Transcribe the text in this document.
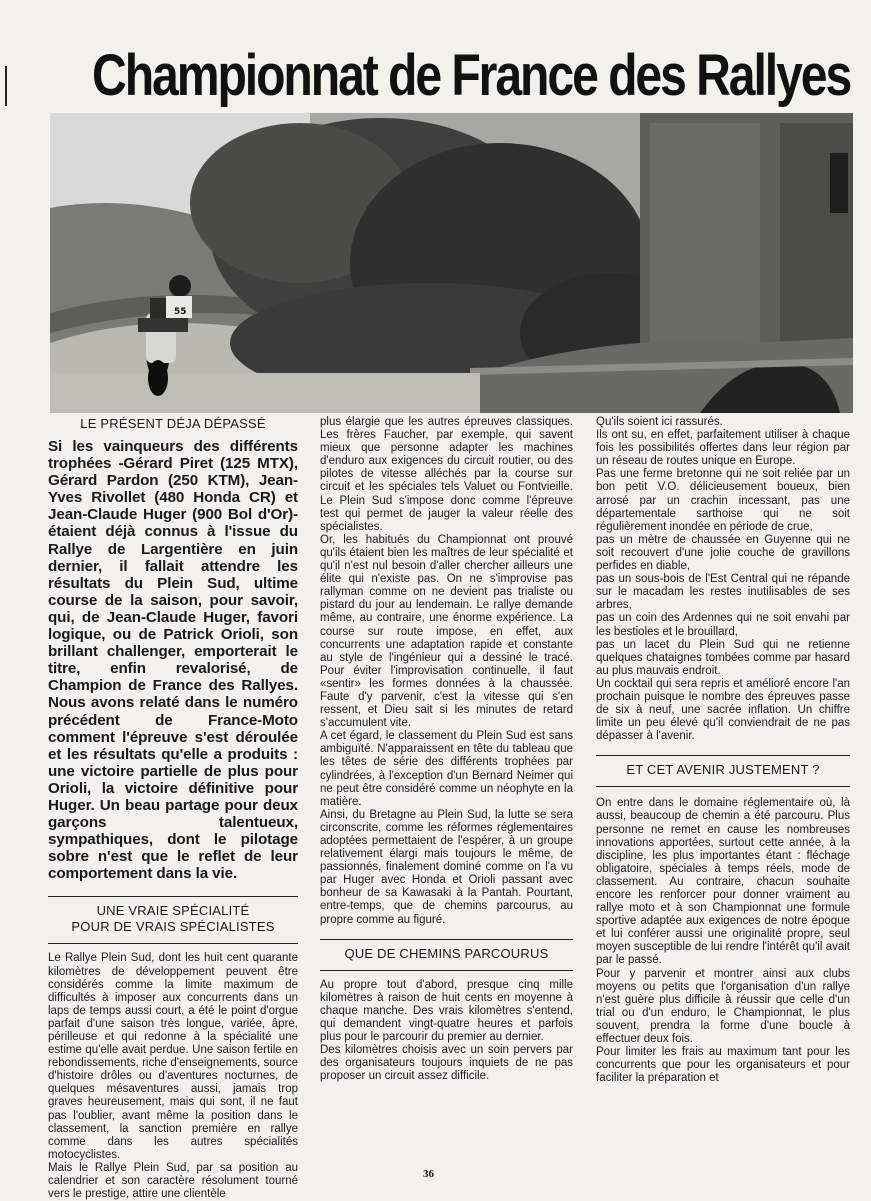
Championnat de France des Rallyes
55

LE PRÉSENT DÉJA DÉPASSÉ

Si les vainqueurs des différents trophées -Gérard Piret (125 MTX), Gérard Pardon (250 KTM), Jean-Yves Rivollet (480 Honda CR) et Jean-Claude Huger (900 Bol d'Or)- étaient déjà connus à l'issue du Rallye de Largentière en juin dernier, il fallait attendre les résultats du Plein Sud, ultime course de la saison, pour savoir, qui, de Jean-Claude Huger, favori logique, ou de Patrick Orioli, son brillant challenger, emporterait le titre, enfin revalorisé, de Champion de France des Rallyes. Nous avons relaté dans le numéro précédent de France-Moto comment l'épreuve s'est déroulée et les résultats qu'elle a produits : une victoire partielle de plus pour Orioli, la victoire définitive pour Huger. Un beau partage pour deux garçons talentueux, sympathiques, dont le pilotage sobre n'est que le reflet de leur comportement dans la vie.

UNE VRAIE SPÉCIALITÉ
POUR DE VRAIS SPÉCIALISTES

Le Rallye Plein Sud, dont les huit cent quarante kilomètres de développement peuvent être considérés comme la limite maximum de difficultés à imposer aux concurrents dans un laps de temps aussi court, a été le point d'orgue parfait d'une saison très longue, variée, âpre, périlleuse et qui redonne à la spécialité une estime qu'elle avait perdue. Une saison fertile en rebondissements, riche d'enseignements, source d'histoire drôles ou d'aventures nocturnes, de quelques mésaventures aussi, jamais trop graves heureusement, mais qui sont, il ne faut pas l'oublier, avant même la position dans le classement, la sanction première en rallye comme dans les autres spécialités motocyclistes.

Mais le Rallye Plein Sud, par sa position au calendrier et son caractère résolument tourné vers le prestige, attire une clientèle

plus élargie que les autres épreuves classiques. Les frères Faucher, par exemple, qui savent mieux que personne adapter les machines d'enduro aux exigences du circuit routier, ou des pilotes de vitesse alléchés par la course sur circuit et les spéciales tels Valuet ou Fontvieille. Le Plein Sud s'impose donc comme l'épreuve test qui permet de jauger la valeur réelle des spécialistes.

Or, les habitués du Championnat ont prouvé qu'ils étaient bien les maîtres de leur spécialité et qu'il n'est nul besoin d'aller chercher ailleurs une élite qui n'existe pas. On ne s'improvise pas rallyman comme on ne devient pas trialiste ou pistard du jour au lendemain. Le rallye demande même, au contraire, une énorme expérience. La course sur route impose, en effet, aux concurrents une adaptation rapide et constante au style de l'ingénieur qui a dessiné le tracé. Pour éviter l'improvisation continuelle, il faut «sentir» les formes données à la chaussée. Faute d'y parvenir, c'est la vitesse qui s'en ressent, et Dieu sait si les minutes de retard s'accumulent vite.

A cet égard, le classement du Plein Sud est sans ambiguïté. N'apparaissent en tête du tableau que les têtes de série des différents trophées par cylindrées, à l'exception d'un Bernard Neimer qui ne peut être considéré comme un néophyte en la matière.

Ainsi, du Bretagne au Plein Sud, la lutte se sera circonscrite, comme les réformes réglementaires adoptées permettaient de l'espérer, à un groupe relativement élargi mais toujours le même, de passionnés, finalement dominé comme on l'a vu par Huger avec Honda et Orioli passant avec bonheur de sa Kawasaki à la Pantah. Pourtant, entre-temps, que de chemins parcourus, au propre comme au figuré.

QUE DE CHEMINS PARCOURUS

Au propre tout d'abord, presque cinq mille kilomètres à raison de huit cents en moyenne à chaque manche. Des vrais kilomètres s'entend, qui demandent vingt-quatre heures et parfois plus pour le parcourir du premier au dernier.

Des kilomètres choisis avec un soin pervers par des organisateurs toujours inquiets de ne pas proposer un circuit assez difficile.

Qu'ils soient ici rassurés.

Ils ont su, en effet, parfaitement utiliser à chaque fois les possibilités offertes dans leur région par un réseau de routes unique en Europe.

Pas une ferme bretonne qui ne soit reliée par un bon petit V.O. délicieusement boueux, bien arrosé par un crachin incessant, pas une départementale sarthoise qui ne soit régulièrement inondée en période de crue,

pas un mètre de chaussée en Guyenne qui ne soit recouvert d'une jolie couche de gravillons perfides en diable,

pas un sous-bois de l'Est Central qui ne répande sur le macadam les restes inutilisables de ses arbres,

pas un coin des Ardennes qui ne soit envahi par les bestioles et le brouillard,

pas un lacet du Plein Sud qui ne retienne quelques chataignes tombées comme par hasard au plus mauvais endroit.

Un cocktail qui sera repris et amélioré encore l'an prochain puisque le nombre des épreuves passe de six à neuf, une sacrée inflation. Un chiffre limite un peu élevé qu'il conviendrait de ne pas dépasser à l'avenir.

ET CET AVENIR JUSTEMENT ?

On entre dans le domaine réglementaire où, là aussi, beaucoup de chemin a été parcouru. Plus personne ne remet en cause les nombreuses innovations apportées, surtout cette année, à la discipline, les plus importantes étant : fléchage obligatoire, spéciales à temps réels, mode de classement. Au contraire, chacun souhaite encore les renforcer pour donner vraiment au rallye moto et à son Championnat une formule sportive adaptée aux exigences de notre époque et lui conférer aussi une originalité propre, seul moyen susceptible de lui rendre l'intérêt qu'il avait par le passé.

Pour y parvenir et montrer ainsi aux clubs moyens ou petits que l'organisation d'un rallye n'est guère plus difficile à réussir que celle d'un trial ou d'un enduro, le Championnat, le plus souvent, prendra la forme d'une boucle à effectuer deux fois.

Pour limiter les frais au maximum tant pour les concurrents que pour les organisateurs et pour faciliter la préparation et

36
